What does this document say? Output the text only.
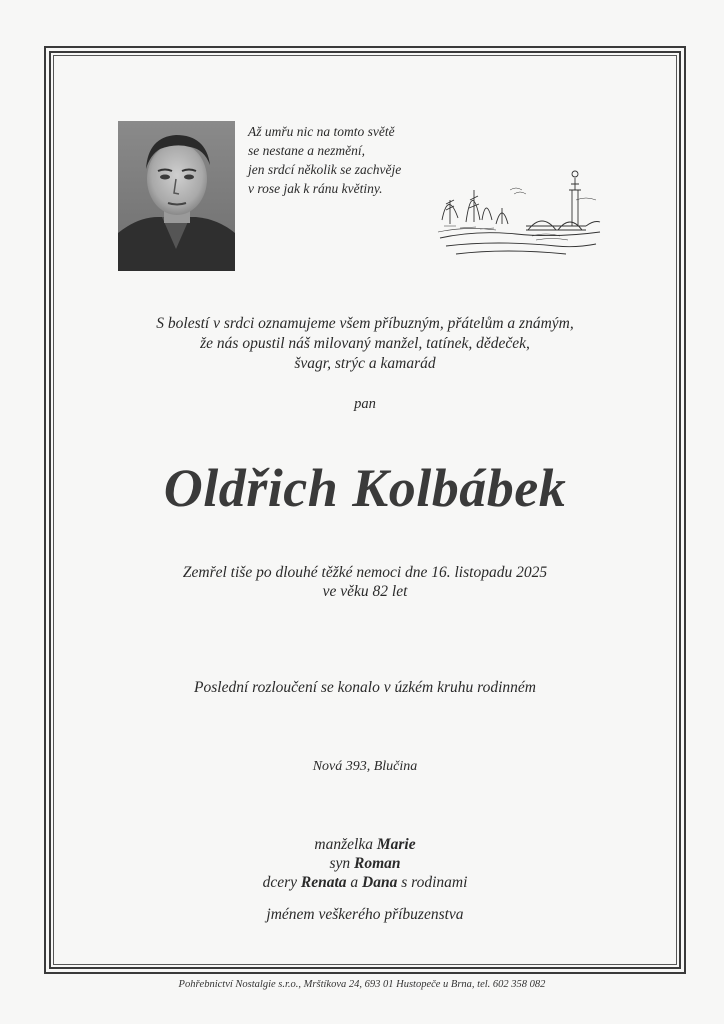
Až umřu nic na tomto světě
se nestane a nezmění,
jen srdcí několik se zachvěje
v rose jak k ránu květiny.
S bolestí v srdci oznamujeme všem příbuzným, přátelům a známým,
že nás opustil náš milovaný manžel, tatínek, dědeček,
švagr, strýc a kamarád
pan
Oldřich Kolbábek
Zemřel tiše po dlouhé těžké nemoci dne 16. listopadu 2025
ve věku 82 let
Poslední rozloučení se konalo v úzkém kruhu rodinném
Nová 393, Blučina
manželka Marie
syn Roman
dcery Renata a Dana s rodinami
jménem veškerého příbuzenstva
Pohřebnictví Nostalgie s.r.o., Mrštíkova 24, 693 01 Hustopeče u Brna, tel. 602 358 082
